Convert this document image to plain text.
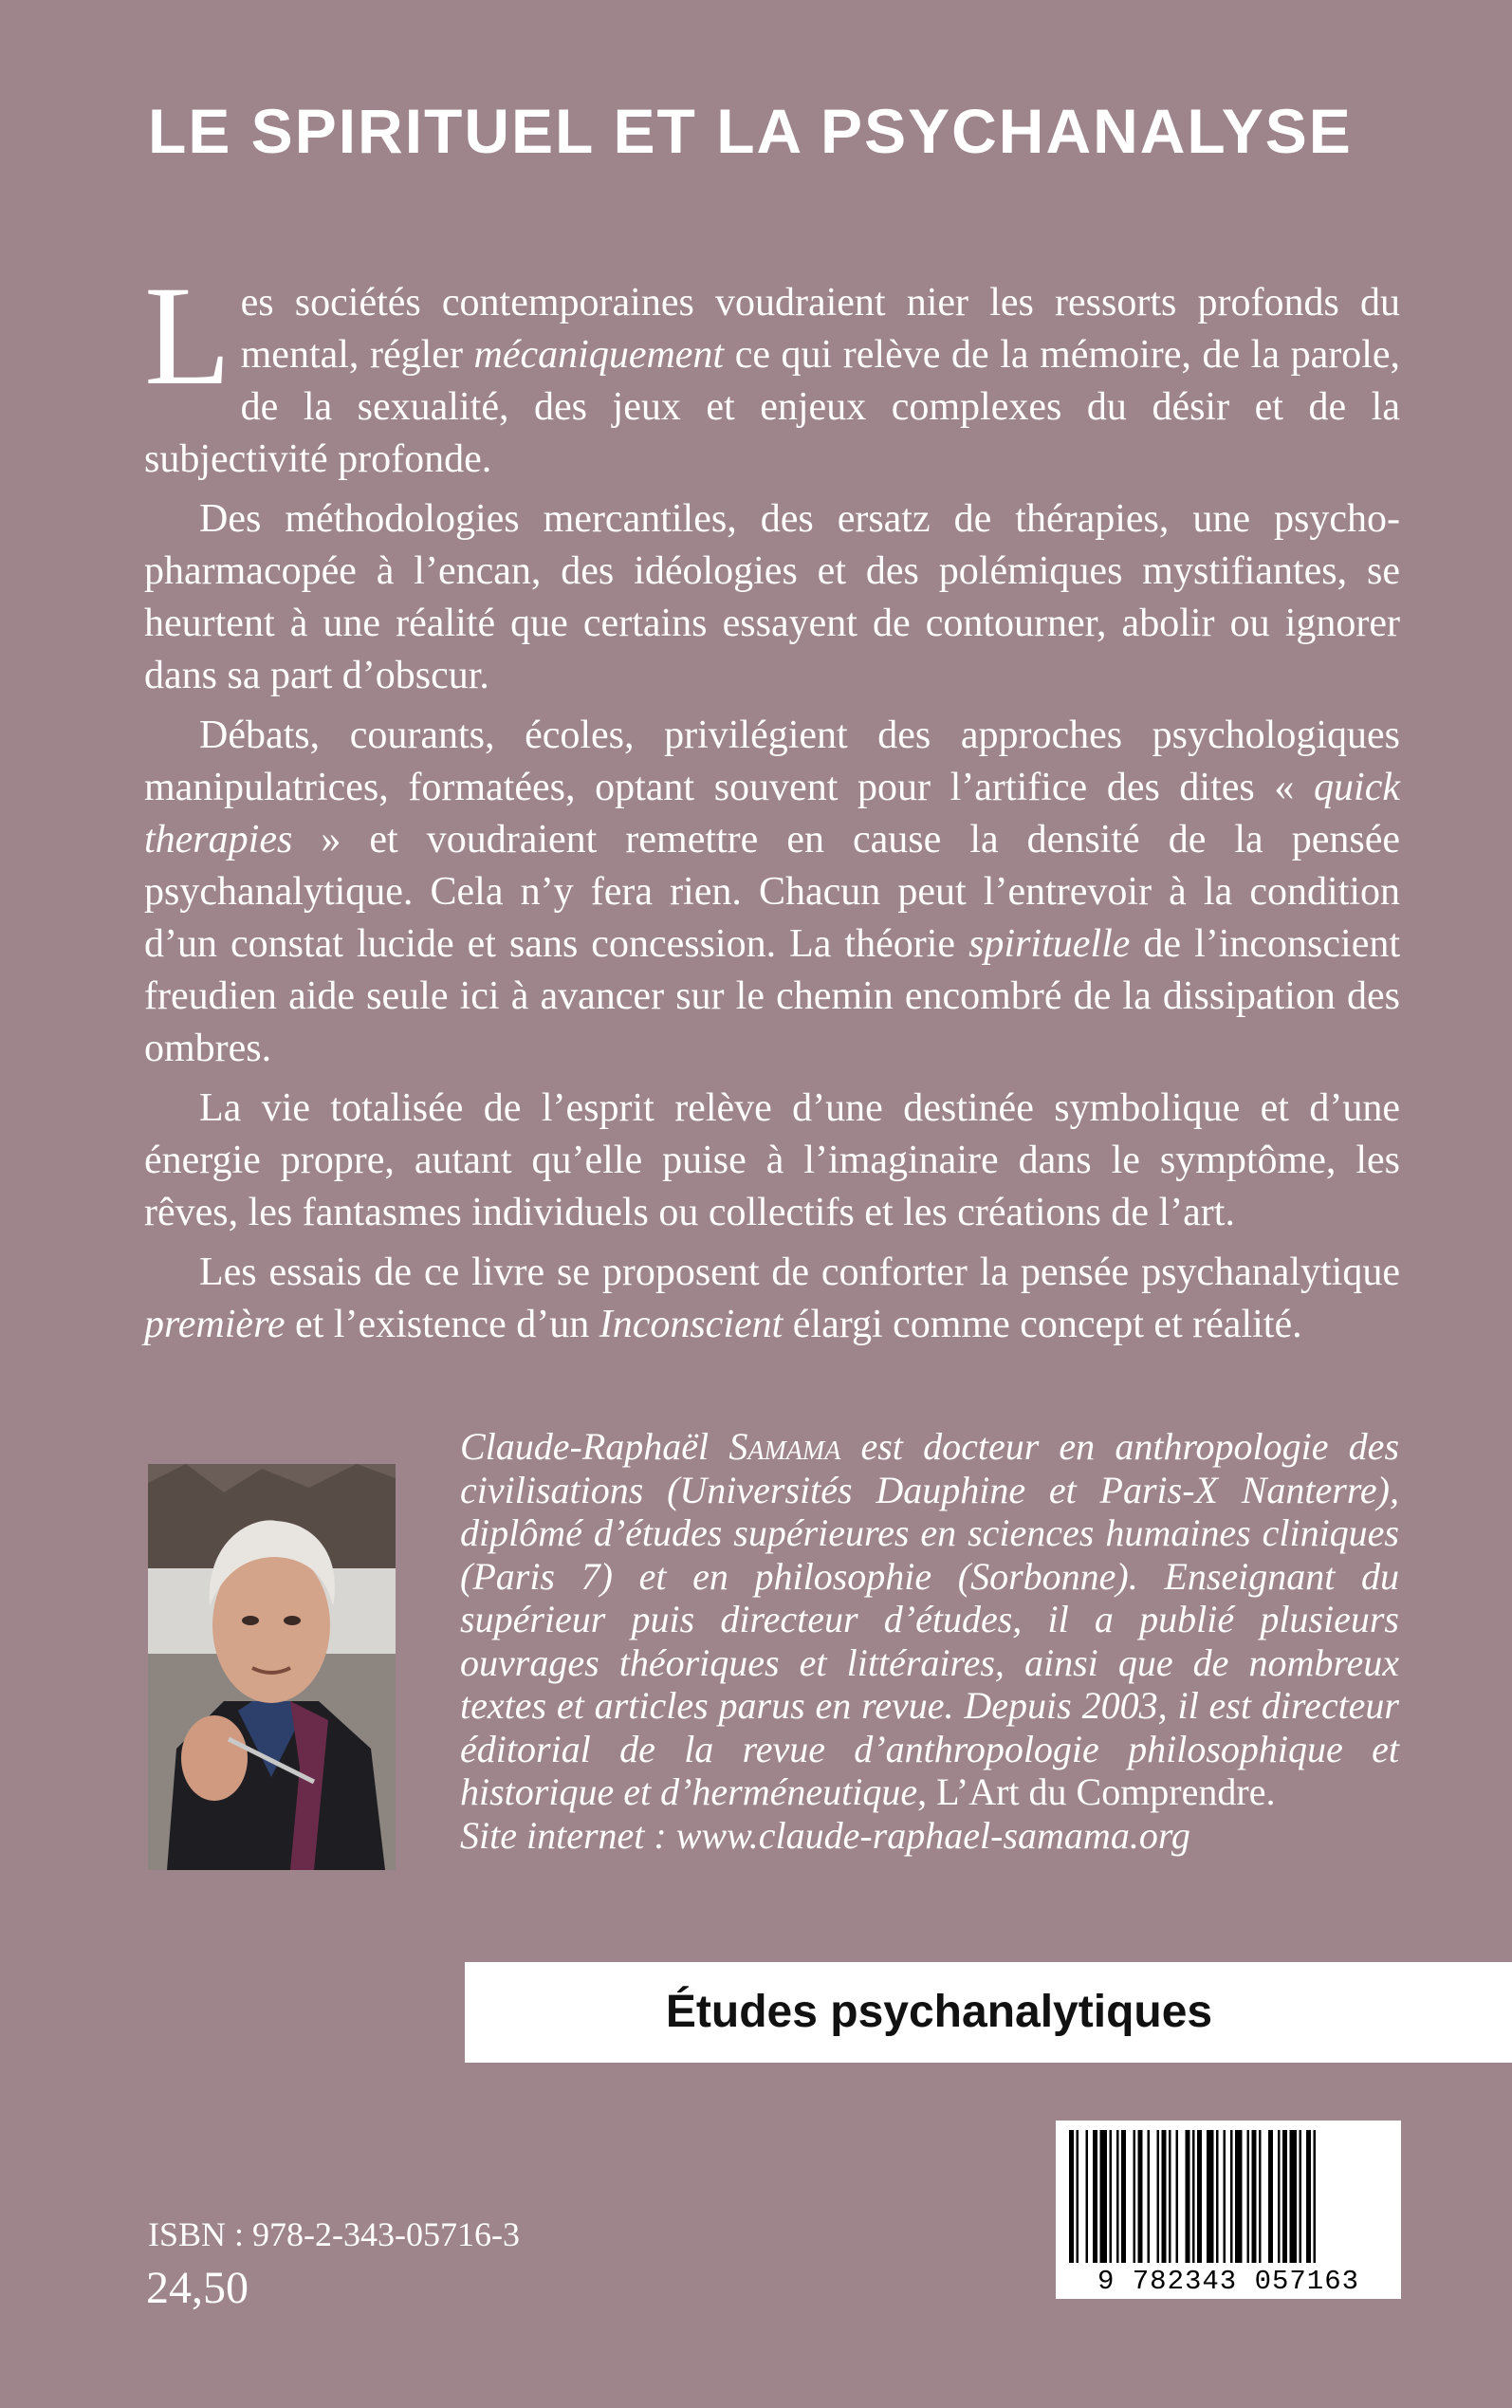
LE SPIRITUEL ET LA PSYCHANALYSE

Les sociétés contemporaines voudraient nier les ressorts profonds du mental, régler mécaniquement ce qui relève de la mémoire, de la parole, de la sexualité, des jeux et enjeux complexes du désir et de la subjectivité profonde.

Des méthodologies mercantiles, des ersatz de thérapies, une psycho-pharmacopée à l’encan, des idéologies et des polémiques mystifiantes, se heurtent à une réalité que certains essayent de contourner, abolir ou ignorer dans sa part d’obscur.

Débats, courants, écoles, privilégient des approches psychologiques manipulatrices, formatées, optant souvent pour l’artifice des dites « quick therapies » et voudraient remettre en cause la densité de la pensée psychanalytique. Cela n’y fera rien. Chacun peut l’entrevoir à la condition d’un constat lucide et sans concession. La théorie spirituelle de l’inconscient freudien aide seule ici à avancer sur le chemin encombré de la dissipation des ombres.

La vie totalisée de l’esprit relève d’une destinée symbolique et d’une énergie propre, autant qu’elle puise à l’imaginaire dans le symptôme, les rêves, les fantasmes individuels ou collectifs et les créations de l’art.

Les essais de ce livre se proposent de conforter la pensée psychanalytique première et l’existence d’un Inconscient élargi comme concept et réalité.

Claude-Raphaël Samama est docteur en anthropologie des civilisations (Universités Dauphine et Paris-X Nanterre), diplômé d’études supérieures en sciences humaines cliniques (Paris 7) et en philosophie (Sorbonne). Enseignant du supérieur puis directeur d’études, il a publié plusieurs ouvrages théoriques et littéraires, ainsi que de nombreux textes et articles parus en revue. Depuis 2003, il est directeur éditorial de la revue d’anthropologie philosophique et historique et d’herméneutique, L’Art du Comprendre.
Site internet : www.claude-raphael-samama.org
Études psychanalytiques
ISBN : 978-2-343-05716-3
24,50	9 782343 057163
